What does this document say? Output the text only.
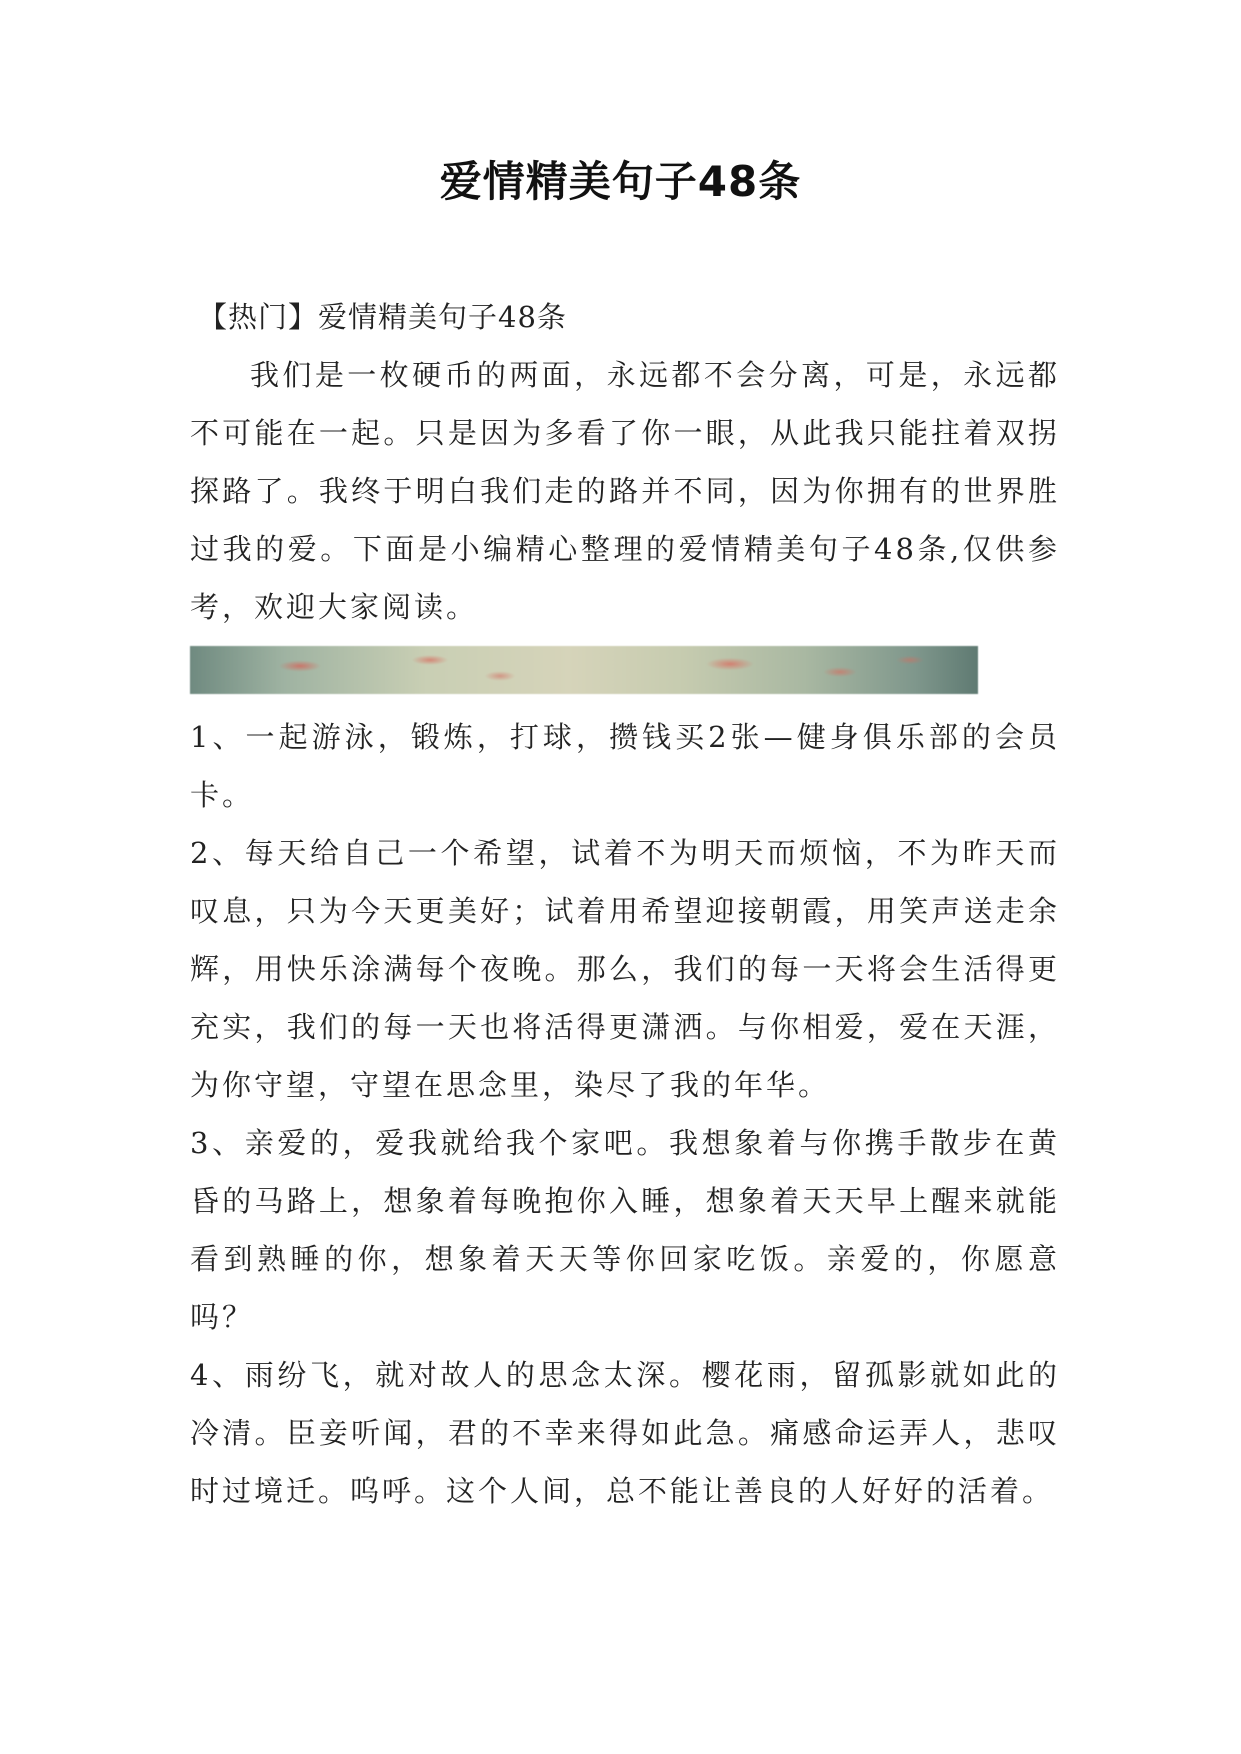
爱情精美句子48条

【热门】爱情精美句子48条

我们是一枚硬币的两面，永远都不会分离，可是，永远都不可能在一起。只是因为多看了你一眼，从此我只能拄着双拐探路了。我终于明白我们走的路并不同，因为你拥有的世界胜过我的爱。下面是小编精心整理的爱情精美句子48条,仅供参考，欢迎大家阅读。

1、一起游泳，锻炼，打球，攒钱买2张—健身俱乐部的会员卡。

2、每天给自己一个希望，试着不为明天而烦恼，不为昨天而叹息，只为今天更美好；试着用希望迎接朝霞，用笑声送走余辉，用快乐涂满每个夜晚。那么，我们的每一天将会生活得更充实，我们的每一天也将活得更潇洒。与你相爱，爱在天涯，为你守望，守望在思念里，染尽了我的年华。

3、亲爱的，爱我就给我个家吧。我想象着与你携手散步在黄昏的马路上，想象着每晚抱你入睡，想象着天天早上醒来就能看到熟睡的你，想象着天天等你回家吃饭。亲爱的，你愿意吗？

4、雨纷飞，就对故人的思念太深。樱花雨，留孤影就如此的冷清。臣妾听闻，君的不幸来得如此急。痛感命运弄人，悲叹时过境迁。呜呼。这个人间，总不能让善良的人好好的活着。
